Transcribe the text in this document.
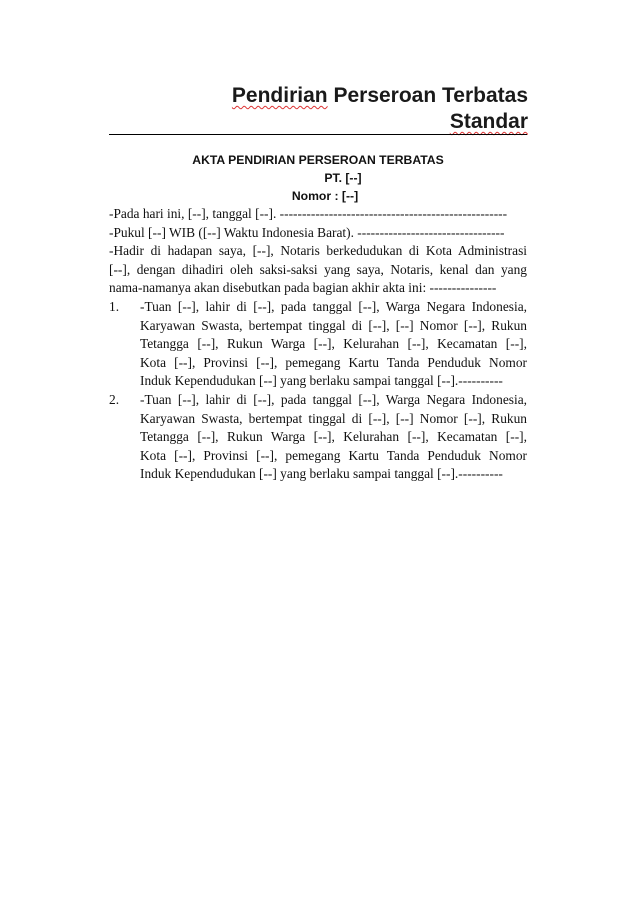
Pendirian Perseroan Terbatas
Standar
AKTA PENDIRIAN PERSEROAN TERBATAS
PT. [--]
Nomor : [--]
-Pada hari ini, [--], tanggal [--]. ---------------------------------------------------
-Pukul [--] WIB ([--] Waktu Indonesia Barat). ---------------------------------
-Hadir di hadapan saya, [--], Notaris berkedudukan di Kota Administrasi
[--], dengan dihadiri oleh saksi-saksi yang saya, Notaris, kenal dan yang
nama-namanya akan disebutkan pada bagian akhir akta ini: ---------------
1.	-Tuan [--], lahir di [--], pada tanggal [--], Warga Negara Indonesia,
Karyawan Swasta, bertempat tinggal di [--], [--] Nomor [--], Rukun
Tetangga [--], Rukun Warga [--], Kelurahan [--], Kecamatan [--],
Kota [--], Provinsi [--], pemegang Kartu Tanda Penduduk Nomor
Induk Kependudukan [--] yang berlaku sampai tanggal [--].----------
2.	-Tuan [--], lahir di [--], pada tanggal [--], Warga Negara Indonesia,
Karyawan Swasta, bertempat tinggal di [--], [--] Nomor [--], Rukun
Tetangga [--], Rukun Warga [--], Kelurahan [--], Kecamatan [--],
Kota [--], Provinsi [--], pemegang Kartu Tanda Penduduk Nomor
Induk Kependudukan [--] yang berlaku sampai tanggal [--].----------
